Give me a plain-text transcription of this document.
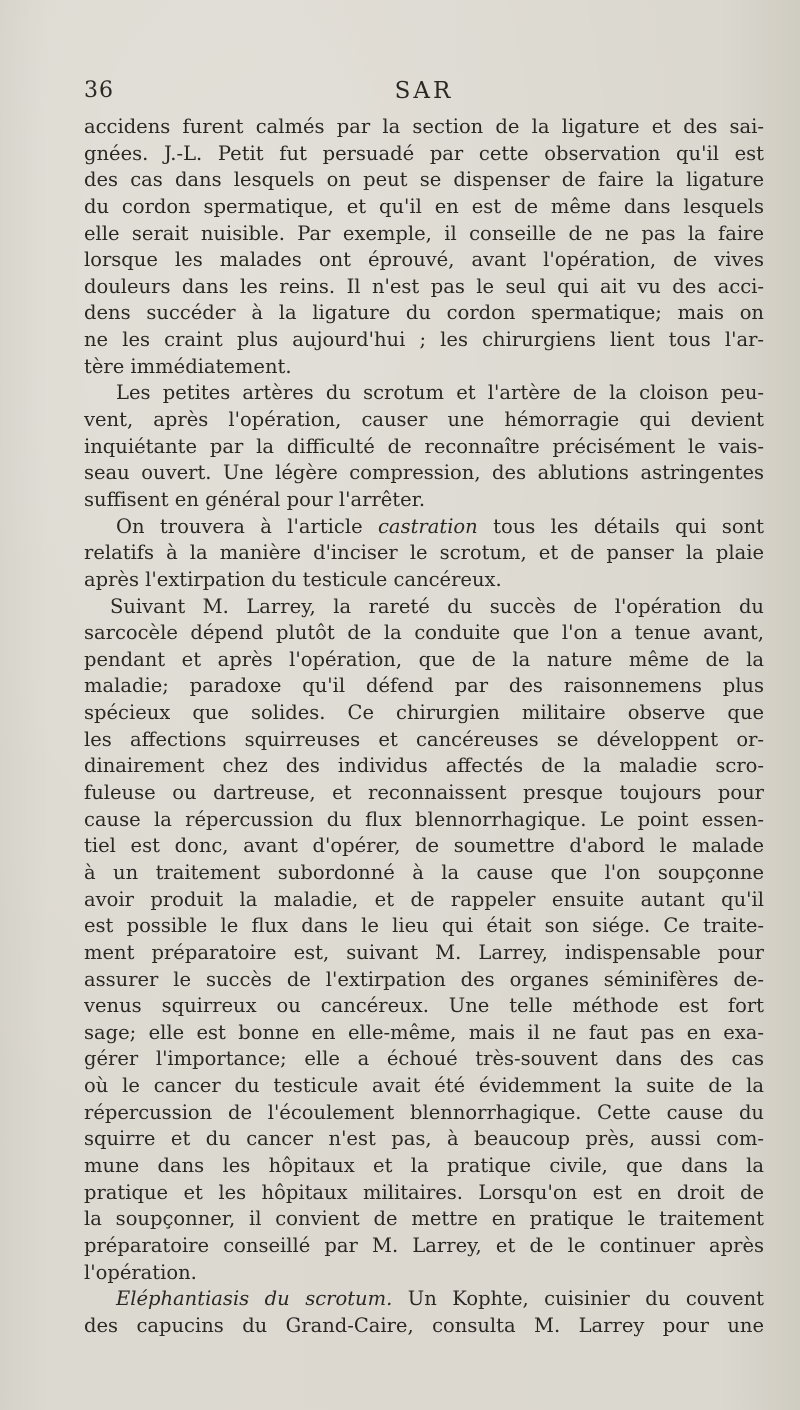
36	SAR
accidens furent calmés par la section de la ligature et des sai-
gnées. J.-L. Petit fut persuadé par cette observation qu'il est
des cas dans lesquels on peut se dispenser de faire la ligature
du cordon spermatique, et qu'il en est de même dans lesquels
elle serait nuisible. Par exemple, il conseille de ne pas la faire
lorsque les malades ont éprouvé, avant l'opération, de vives
douleurs dans les reins. Il n'est pas le seul qui ait vu des acci-
dens succéder à la ligature du cordon spermatique; mais on
ne les craint plus aujourd'hui ; les chirurgiens lient tous l'ar-
tère immédiatement.
Les petites artères du scrotum et l'artère de la cloison peu-
vent, après l'opération, causer une hémorragie qui devient
inquiétante par la difficulté de reconnaître précisément le vais-
seau ouvert. Une légère compression, des ablutions astringentes
suffisent en général pour l'arrêter.
On trouvera à l'article castration tous les détails qui sont
relatifs à la manière d'inciser le scrotum, et de panser la plaie
après l'extirpation du testicule cancéreux.
Suivant M. Larrey, la rareté du succès de l'opération du
sarcocèle dépend plutôt de la conduite que l'on a tenue avant,
pendant et après l'opération, que de la nature même de la
maladie; paradoxe qu'il défend par des raisonnemens plus
spécieux que solides. Ce chirurgien militaire observe que
les affections squirreuses et cancéreuses se développent or-
dinairement chez des individus affectés de la maladie scro-
fuleuse ou dartreuse, et reconnaissent presque toujours pour
cause la répercussion du flux blennorrhagique. Le point essen-
tiel est donc, avant d'opérer, de soumettre d'abord le malade
à un traitement subordonné à la cause que l'on soupçonne
avoir produit la maladie, et de rappeler ensuite autant qu'il
est possible le flux dans le lieu qui était son siége. Ce traite-
ment préparatoire est, suivant M. Larrey, indispensable pour
assurer le succès de l'extirpation des organes séminifères de-
venus squirreux ou cancéreux. Une telle méthode est fort
sage; elle est bonne en elle-même, mais il ne faut pas en exa-
gérer l'importance; elle a échoué très-souvent dans des cas
où le cancer du testicule avait été évidemment la suite de la
répercussion de l'écoulement blennorrhagique. Cette cause du
squirre et du cancer n'est pas, à beaucoup près, aussi com-
mune dans les hôpitaux et la pratique civile, que dans la
pratique et les hôpitaux militaires. Lorsqu'on est en droit de
la soupçonner, il convient de mettre en pratique le traitement
préparatoire conseillé par M. Larrey, et de le continuer après
l'opération.
Eléphantiasis du scrotum. Un Kophte, cuisinier du couvent
des capucins du Grand-Caire, consulta M. Larrey pour une
